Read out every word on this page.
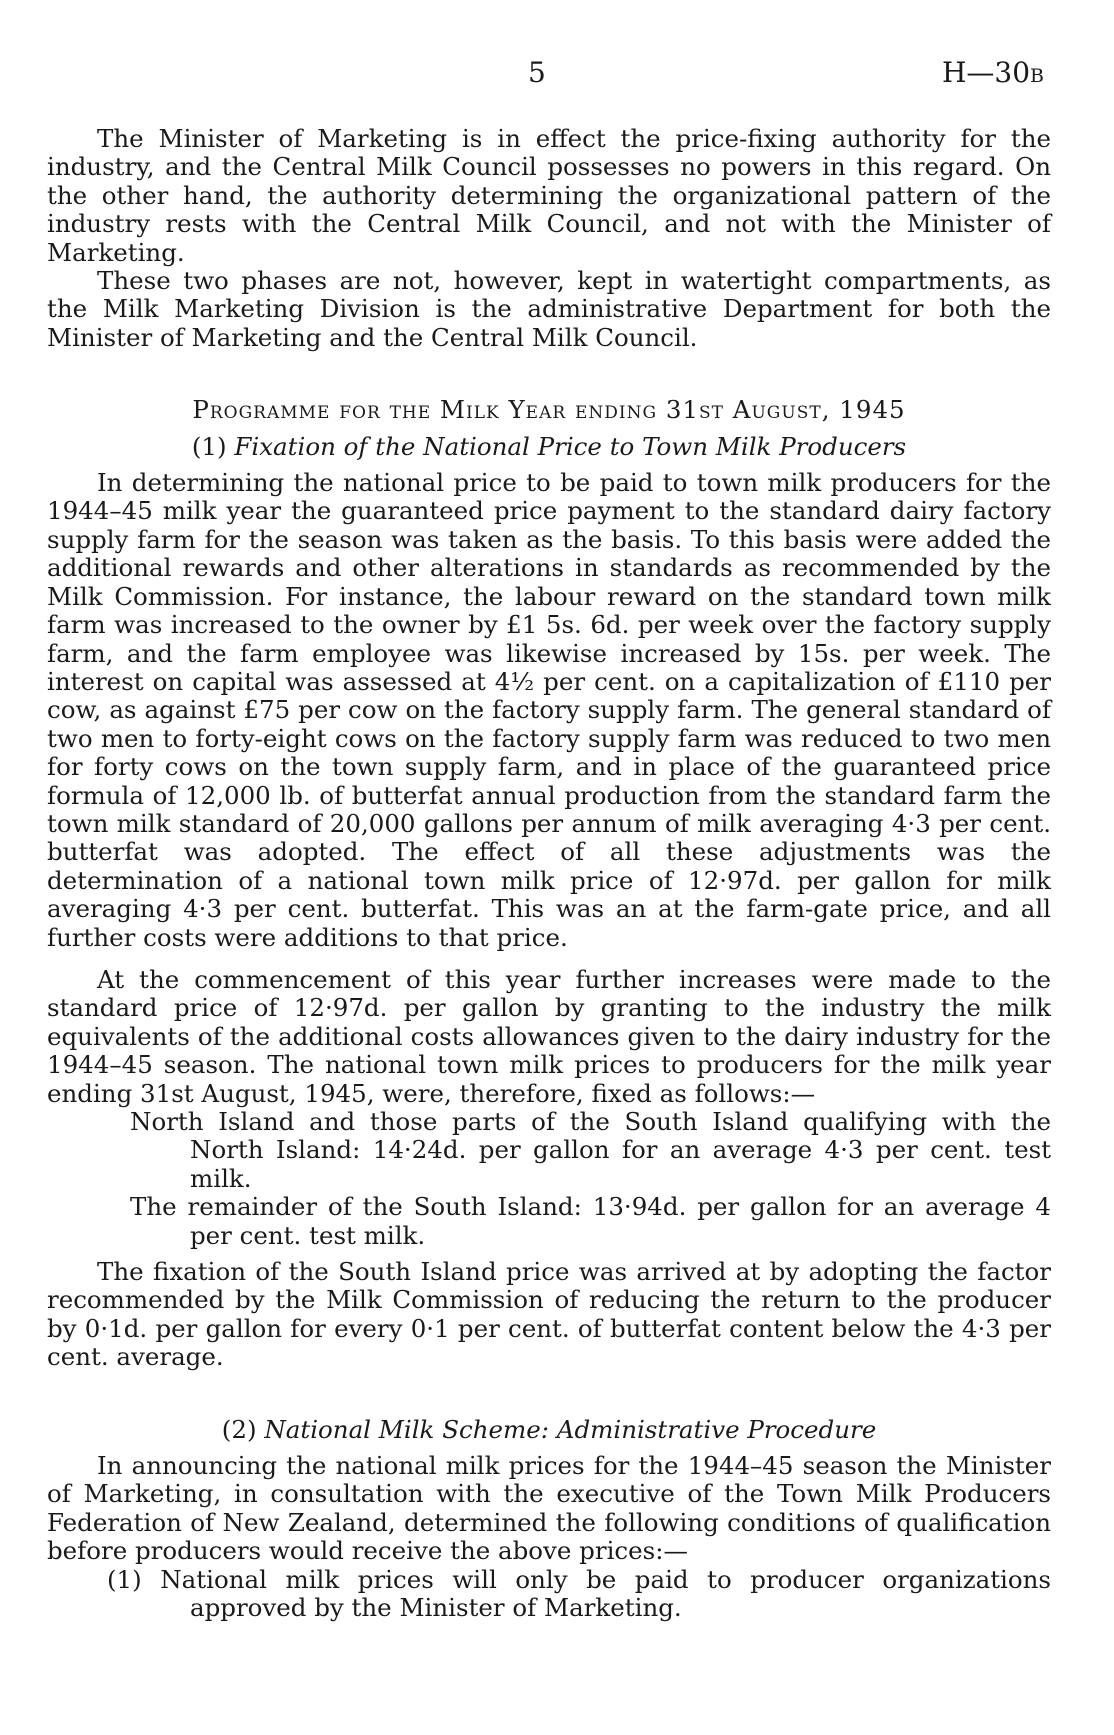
5	H—30B

The Minister of Marketing is in effect the price-fixing authority for the industry, and the Central Milk Council possesses no powers in this regard. On the other hand, the authority determining the organizational pattern of the industry rests with the Central Milk Council, and not with the Minister of Marketing.

These two phases are not, however, kept in watertight compartments, as the Milk Marketing Division is the administrative Department for both the Minister of Marketing and the Central Milk Council.

Programme for the Milk Year ending 31st August, 1945

(1) Fixation of the National Price to Town Milk Producers

In determining the national price to be paid to town milk producers for the 1944–45 milk year the guaranteed price payment to the standard dairy factory supply farm for the season was taken as the basis. To this basis were added the additional rewards and other alterations in standards as recommended by the Milk Commission. For instance, the labour reward on the standard town milk farm was increased to the owner by £1 5s. 6d. per week over the factory supply farm, and the farm employee was likewise increased by 15s. per week. The interest on capital was assessed at 4½ per cent. on a capitalization of £110 per cow, as against £75 per cow on the factory supply farm. The general standard of two men to forty-eight cows on the factory supply farm was reduced to two men for forty cows on the town supply farm, and in place of the guaranteed price formula of 12,000 lb. of butterfat annual production from the standard farm the town milk standard of 20,000 gallons per annum of milk averaging 4·3 per cent. butterfat was adopted. The effect of all these adjustments was the determination of a national town milk price of 12·97d. per gallon for milk averaging 4·3 per cent. butterfat. This was an at the farm-gate price, and all further costs were additions to that price.

At the commencement of this year further increases were made to the standard price of 12·97d. per gallon by granting to the industry the milk equivalents of the additional costs allowances given to the dairy industry for the 1944–45 season. The national town milk prices to producers for the milk year ending 31st August, 1945, were, therefore, fixed as follows:—

North Island and those parts of the South Island qualifying with the North Island: 14·24d. per gallon for an average 4·3 per cent. test milk.

The remainder of the South Island: 13·94d. per gallon for an average 4 per cent. test milk.

The fixation of the South Island price was arrived at by adopting the factor recommended by the Milk Commission of reducing the return to the producer by 0·1d. per gallon for every 0·1 per cent. of butterfat content below the 4·3 per cent. average.

(2) National Milk Scheme: Administrative Procedure

In announcing the national milk prices for the 1944–45 season the Minister of Marketing, in consultation with the executive of the Town Milk Producers Federation of New Zealand, determined the following conditions of qualification before producers would receive the above prices:—

(1) National milk prices will only be paid to producer organizations approved by the Minister of Marketing.
